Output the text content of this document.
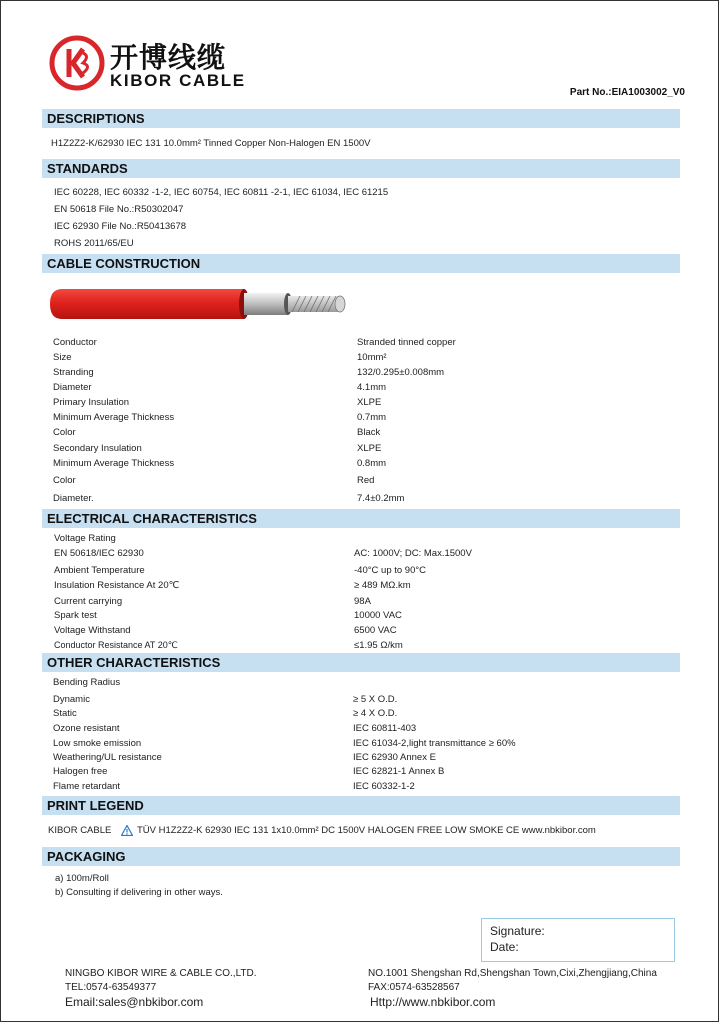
开博线缆
KIBOR CABLE
Part No.:EIA1003002_V0
DESCRIPTIONS
H1Z2Z2-K/62930 IEC 131 10.0mm² Tinned Copper Non-Halogen EN 1500V
STANDARDS
IEC 60228, IEC 60332 -1-2, IEC 60754, IEC 60811 -2-1, IEC 61034, IEC 61215
EN 50618 File No.:R50302047
IEC 62930 File No.:R50413678
ROHS 2011/65/EU
CABLE CONSTRUCTION
Conductor	Stranded tinned copper
Size	10mm²
Stranding	132/0.295±0.008mm
Diameter	4.1mm
Primary Insulation	XLPE
Minimum Average Thickness	0.7mm
Color	Black
Secondary Insulation	XLPE
Minimum Average Thickness	0.8mm
Color	Red
Diameter.	7.4±0.2mm
ELECTRICAL CHARACTERISTICS
Voltage Rating
EN 50618/IEC 62930	AC: 1000V; DC: Max.1500V
Ambient Temperature	-40°C up to 90°C
Insulation Resistance At 20℃	≥ 489 MΩ.km
Current carrying	98A
Spark test	10000 VAC
Voltage Withstand	6500 VAC
Conductor Resistance AT 20℃	≤1.95 Ω/km
OTHER CHARACTERISTICS
Bending Radius
Dynamic	≥ 5 X O.D.
Static	≥ 4 X O.D.
Ozone resistant	IEC 60811-403
Low smoke emission	IEC 61034-2,light transmittance ≥ 60%
Weathering/UL resistance	IEC 62930 Annex E
Halogen free	IEC 62821-1 Annex B
Flame retardant	IEC 60332-1-2
PRINT LEGEND
KIBOR CABLE	TÜV H1Z2Z2-K 62930 IEC 131 1x10.0mm² DC 1500V HALOGEN FREE LOW SMOKE CE www.nbkibor.com
PACKAGING
a) 100m/Roll
b) Consulting if delivering in other ways.
Signature:
Date:
NINGBO KIBOR WIRE & CABLE CO.,LTD.
TEL:0574-63549377
Email:sales@nbkibor.com
NO.1001 Shengshan Rd,Shengshan Town,Cixi,Zhengjiang,China
FAX:0574-63528567
Http://www.nbkibor.com
